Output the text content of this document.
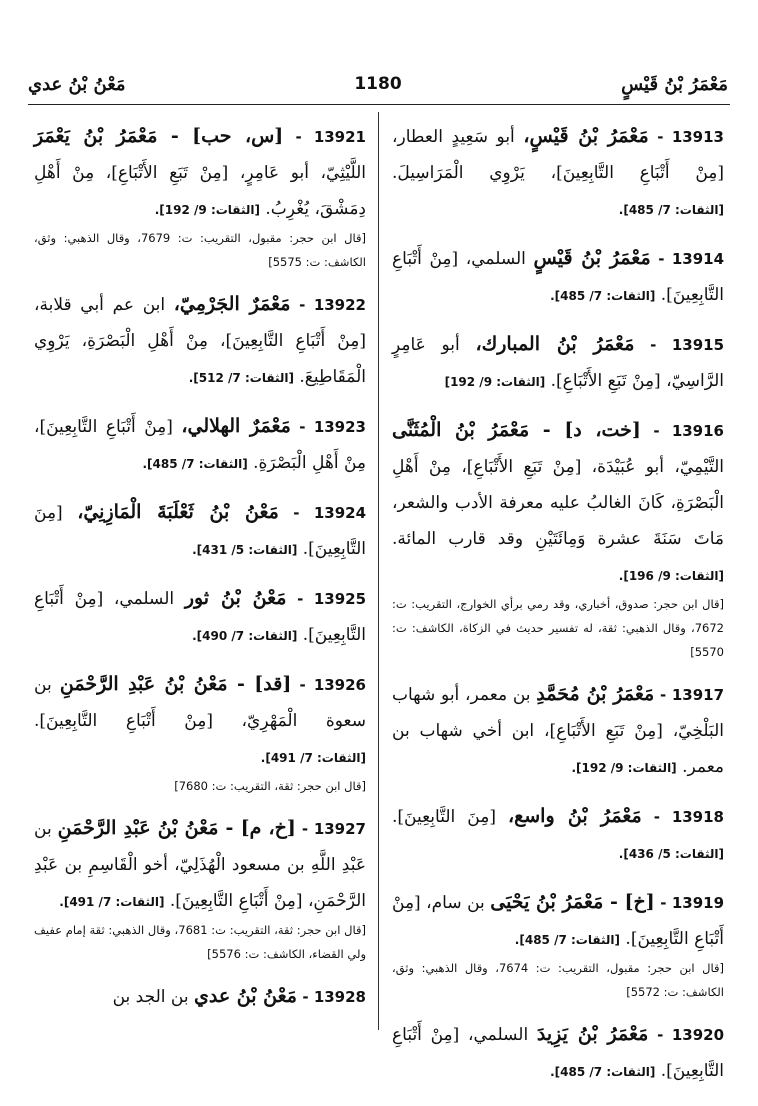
1180	مَعْمَرُ بْنُ قَيْسٍ
مَعْنُ بْنُ عدي
13913 - مَعْمَرُ بْنُ قَيْسٍ، أبو سَعِيدٍ العطار، [مِنْ أَتْبَاعِ التَّابِعِينَ]، يَرْوِي الْمَرَاسِيلَ. [الثقات: 7/ 485].
13914 - مَعْمَرُ بْنُ قَيْسٍ السلمي، [مِنْ أَتْبَاعِ التَّابِعِينَ]. [الثقات: 7/ 485].
13915 - مَعْمَرُ بْنُ المبارك، أبو عَامِرٍ الرَّاسِيّ، [مِنْ تَبَعِ الأَتْبَاعِ]. [الثقات: 9/ 192]
13916 - [خت، د] - مَعْمَرُ بْنُ الْمُثَنَّى التَّيْمِيّ، أبو عُبَيْدَة، [مِنْ تَبَعِ الأَتْبَاعِ]، مِنْ أَهْلِ الْبَصْرَةِ، كَانَ الغالبُ عليه معرفة الأدب والشعر، مَاتَ سَنَةَ عشرة وَمِائَتَيْنِ وقد قارب المائة. [الثقات: 9/ 196].
[قال ابن حجر: صدوق، أخباري، وقد رمي برأي الخوارج، التقريب: ت: 7672، وقال الذهبي: ثقة، له تفسير حديث في الزكاة، الكاشف: ت: 5570]
13917 - مَعْمَرُ بْنُ مُحَمَّدِ بن معمر، أبو شهاب البَلْخِيّ، [مِنْ تَبَعِ الأَتْبَاعِ]، ابن أخي شهاب بن معمر. [الثقات: 9/ 192].
13918 - مَعْمَرُ بْنُ واسع، [مِنَ التَّابِعِينَ]. [الثقات: 5/ 436].
13919 - [خ] - مَعْمَرُ بْنُ يَحْيَى بن سام، [مِنْ أَتْبَاعِ التَّابِعِينَ]. [الثقات: 7/ 485].
[قال ابن حجر: مقبول، التقريب: ت: 7674، وقال الذهبي: وثق، الكاشف: ت: 5572]
13920 - مَعْمَرُ بْنُ يَزِيدَ السلمي، [مِنْ أَتْبَاعِ التَّابِعِينَ]. [الثقات: 7/ 485].
13921 - [س، حب] - مَعْمَرُ بْنُ يَعْمَرَ اللَّيْثِيّ، أبو عَامِرٍ، [مِنْ تَبَعِ الأَتْبَاعِ]، مِنْ أَهْلِ دِمَشْقَ، يُغْرِبُ. [الثقات: 9/ 192].
[قال ابن حجر: مقبول، التقريب: ت: 7679، وقال الذهبي: وثق، الكاشف: ت: 5575]
13922 - مَعْمَرٌ الجَرْمِيّ، ابن عم أبي قلابة، [مِنْ أَتْبَاعِ التَّابِعِينَ]، مِنْ أَهْلِ الْبَصْرَةِ، يَرْوِي الْمَقَاطِيعَ. [الثقات: 7/ 512].
13923 - مَعْمَرٌ الهلالي، [مِنْ أَتْبَاعِ التَّابِعِينَ]، مِنْ أَهْلِ الْبَصْرَةِ. [الثقات: 7/ 485].
13924 - مَعْنُ بْنُ ثَعْلَبَةَ الْمَازِنِيّ، [مِنَ التَّابِعِينَ]. [الثقات: 5/ 431].
13925 - مَعْنُ بْنُ ثور السلمي، [مِنْ أَتْبَاعِ التَّابِعِينَ]. [الثقات: 7/ 490].
13926 - [قد] - مَعْنُ بْنُ عَبْدِ الرَّحْمَنِ بن سعوة الْمَهْرِيّ، [مِنْ أَتْبَاعِ التَّابِعِينَ]. [الثقات: 7/ 491].
[قال ابن حجر: ثقة، التقريب: ت: 7680]
13927 - [خ، م] - مَعْنُ بْنُ عَبْدِ الرَّحْمَنِ بن عَبْدِ اللَّهِ بن مسعود الْهُذَلِيّ، أخو الْقَاسِمِ بن عَبْدِ الرَّحْمَنِ، [مِنْ أَتْبَاعِ التَّابِعِينَ]. [الثقات: 7/ 491].
[قال ابن حجر: ثقة، التقريب: ت: 7681، وقال الذهبي: ثقة إمام عفيف ولي القضاء، الكاشف: ت: 5576]
13928 - مَعْنُ بْنُ عدي بن الجد بن
